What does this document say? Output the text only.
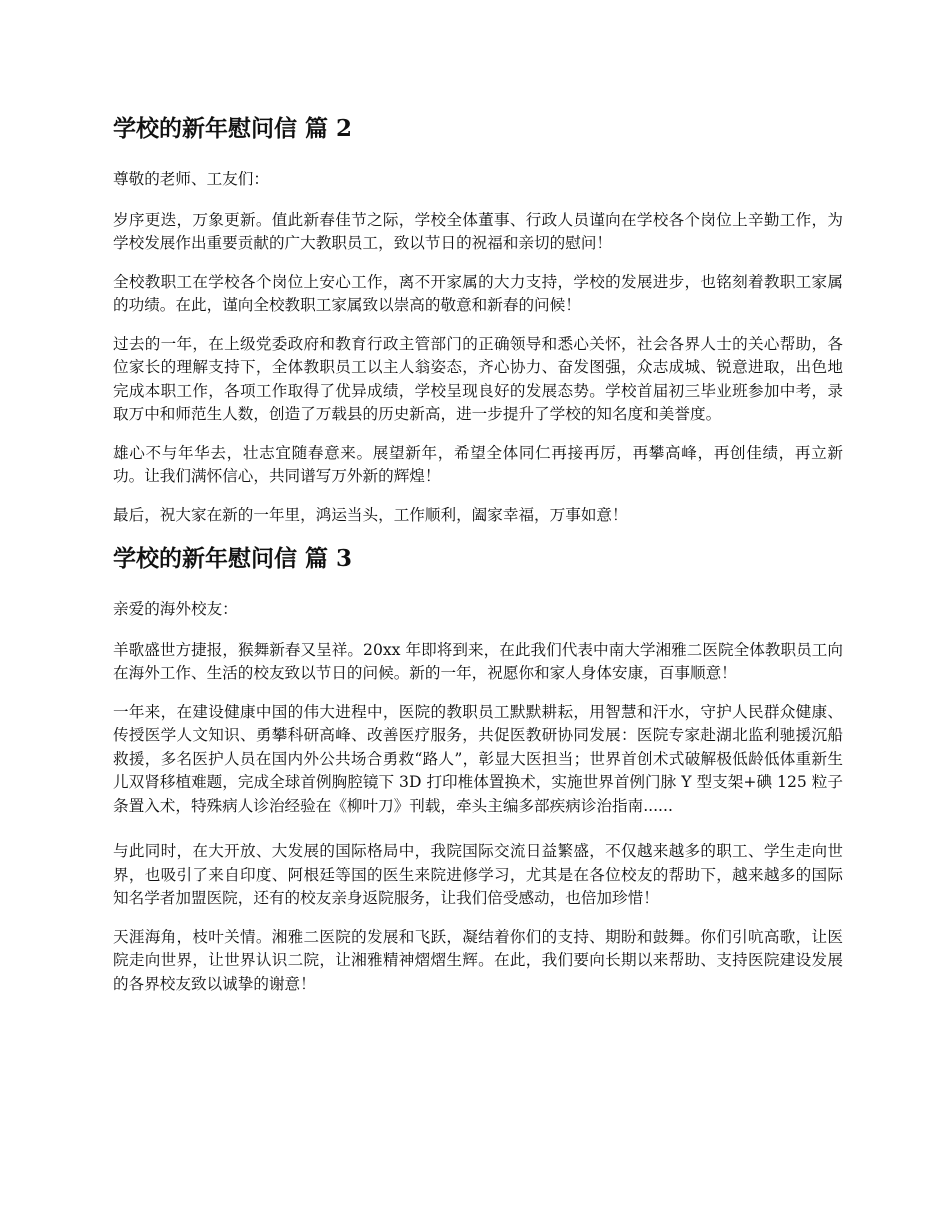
学校的新年慰问信 篇 2

尊敬的老师、工友们：

岁序更迭，万象更新。值此新春佳节之际，学校全体董事、行政人员谨向在学校各个岗位上辛勤工作，为学校发展作出重要贡献的广大教职员工，致以节日的祝福和亲切的慰问！

全校教职工在学校各个岗位上安心工作，离不开家属的大力支持，学校的发展进步，也铭刻着教职工家属的功绩。在此，谨向全校教职工家属致以崇高的敬意和新春的问候！

过去的一年，在上级党委政府和教育行政主管部门的正确领导和悉心关怀，社会各界人士的关心帮助，各位家长的理解支持下，全体教职员工以主人翁姿态，齐心协力、奋发图强，众志成城、锐意进取，出色地完成本职工作，各项工作取得了优异成绩，学校呈现良好的发展态势。学校首届初三毕业班参加中考，录取万中和师范生人数，创造了万载县的历史新高，进一步提升了学校的知名度和美誉度。

雄心不与年华去，壮志宜随春意来。展望新年，希望全体同仁再接再厉，再攀高峰，再创佳绩，再立新功。让我们满怀信心，共同谱写万外新的辉煌！

最后，祝大家在新的一年里，鸿运当头，工作顺利，阖家幸福，万事如意！

学校的新年慰问信 篇 3

亲爱的海外校友：

羊歌盛世方捷报，猴舞新春又呈祥。20xx 年即将到来，在此我们代表中南大学湘雅二医院全体教职员工向在海外工作、生活的校友致以节日的问候。新的一年，祝愿你和家人身体安康，百事顺意！

一年来，在建设健康中国的伟大进程中，医院的教职员工默默耕耘，用智慧和汗水，守护人民群众健康、传授医学人文知识、勇攀科研高峰、改善医疗服务，共促医教研协同发展：医院专家赴湖北监利驰援沉船救援，多名医护人员在国内外公共场合勇救“路人”，彰显大医担当；世界首创术式破解极低龄低体重新生儿双肾移植难题，完成全球首例胸腔镜下 3D 打印椎体置换术，实施世界首例门脉 Y 型支架+碘 125 粒子条置入术，特殊病人诊治经验在《柳叶刀》刊载，牵头主编多部疾病诊治指南......

与此同时，在大开放、大发展的国际格局中，我院国际交流日益繁盛，不仅越来越多的职工、学生走向世界，也吸引了来自印度、阿根廷等国的医生来院进修学习，尤其是在各位校友的帮助下，越来越多的国际知名学者加盟医院，还有的校友亲身返院服务，让我们倍受感动，也倍加珍惜！

天涯海角，枝叶关情。湘雅二医院的发展和飞跃，凝结着你们的支持、期盼和鼓舞。你们引吭高歌，让医院走向世界，让世界认识二院，让湘雅精神熠熠生辉。在此，我们要向长期以来帮助、支持医院建设发展的各界校友致以诚挚的谢意！
